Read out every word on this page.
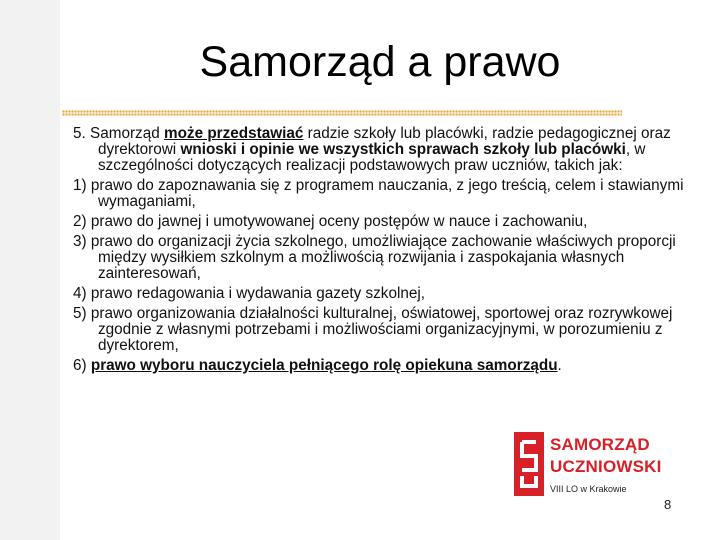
Samorząd a prawo

5. Samorząd może przedstawiać radzie szkoły lub placówki, radzie pedagogicznej oraz dyrektorowi wnioski i opinie we wszystkich sprawach szkoły lub placówki, w szczególności dotyczących realizacji podstawowych praw uczniów, takich jak:

1) prawo do zapoznawania się z programem nauczania, z jego treścią, celem i stawianymi wymaganiami,

2) prawo do jawnej i umotywowanej oceny postępów w nauce i zachowaniu,

3) prawo do organizacji życia szkolnego, umożliwiające zachowanie właściwych proporcji między wysiłkiem szkolnym a możliwością rozwijania i zaspokajania własnych zainteresowań,

4) prawo redagowania i wydawania gazety szkolnej,

5) prawo organizowania działalności kulturalnej, oświatowej, sportowej oraz rozrywkowej zgodnie z własnymi potrzebami i możliwościami organizacyjnymi, w porozumieniu z dyrektorem,

6) prawo wyboru nauczyciela pełniącego rolę opiekuna samorządu.

SAMORZĄD
UCZNIOWSKI
VIII LO w Krakowie
8
